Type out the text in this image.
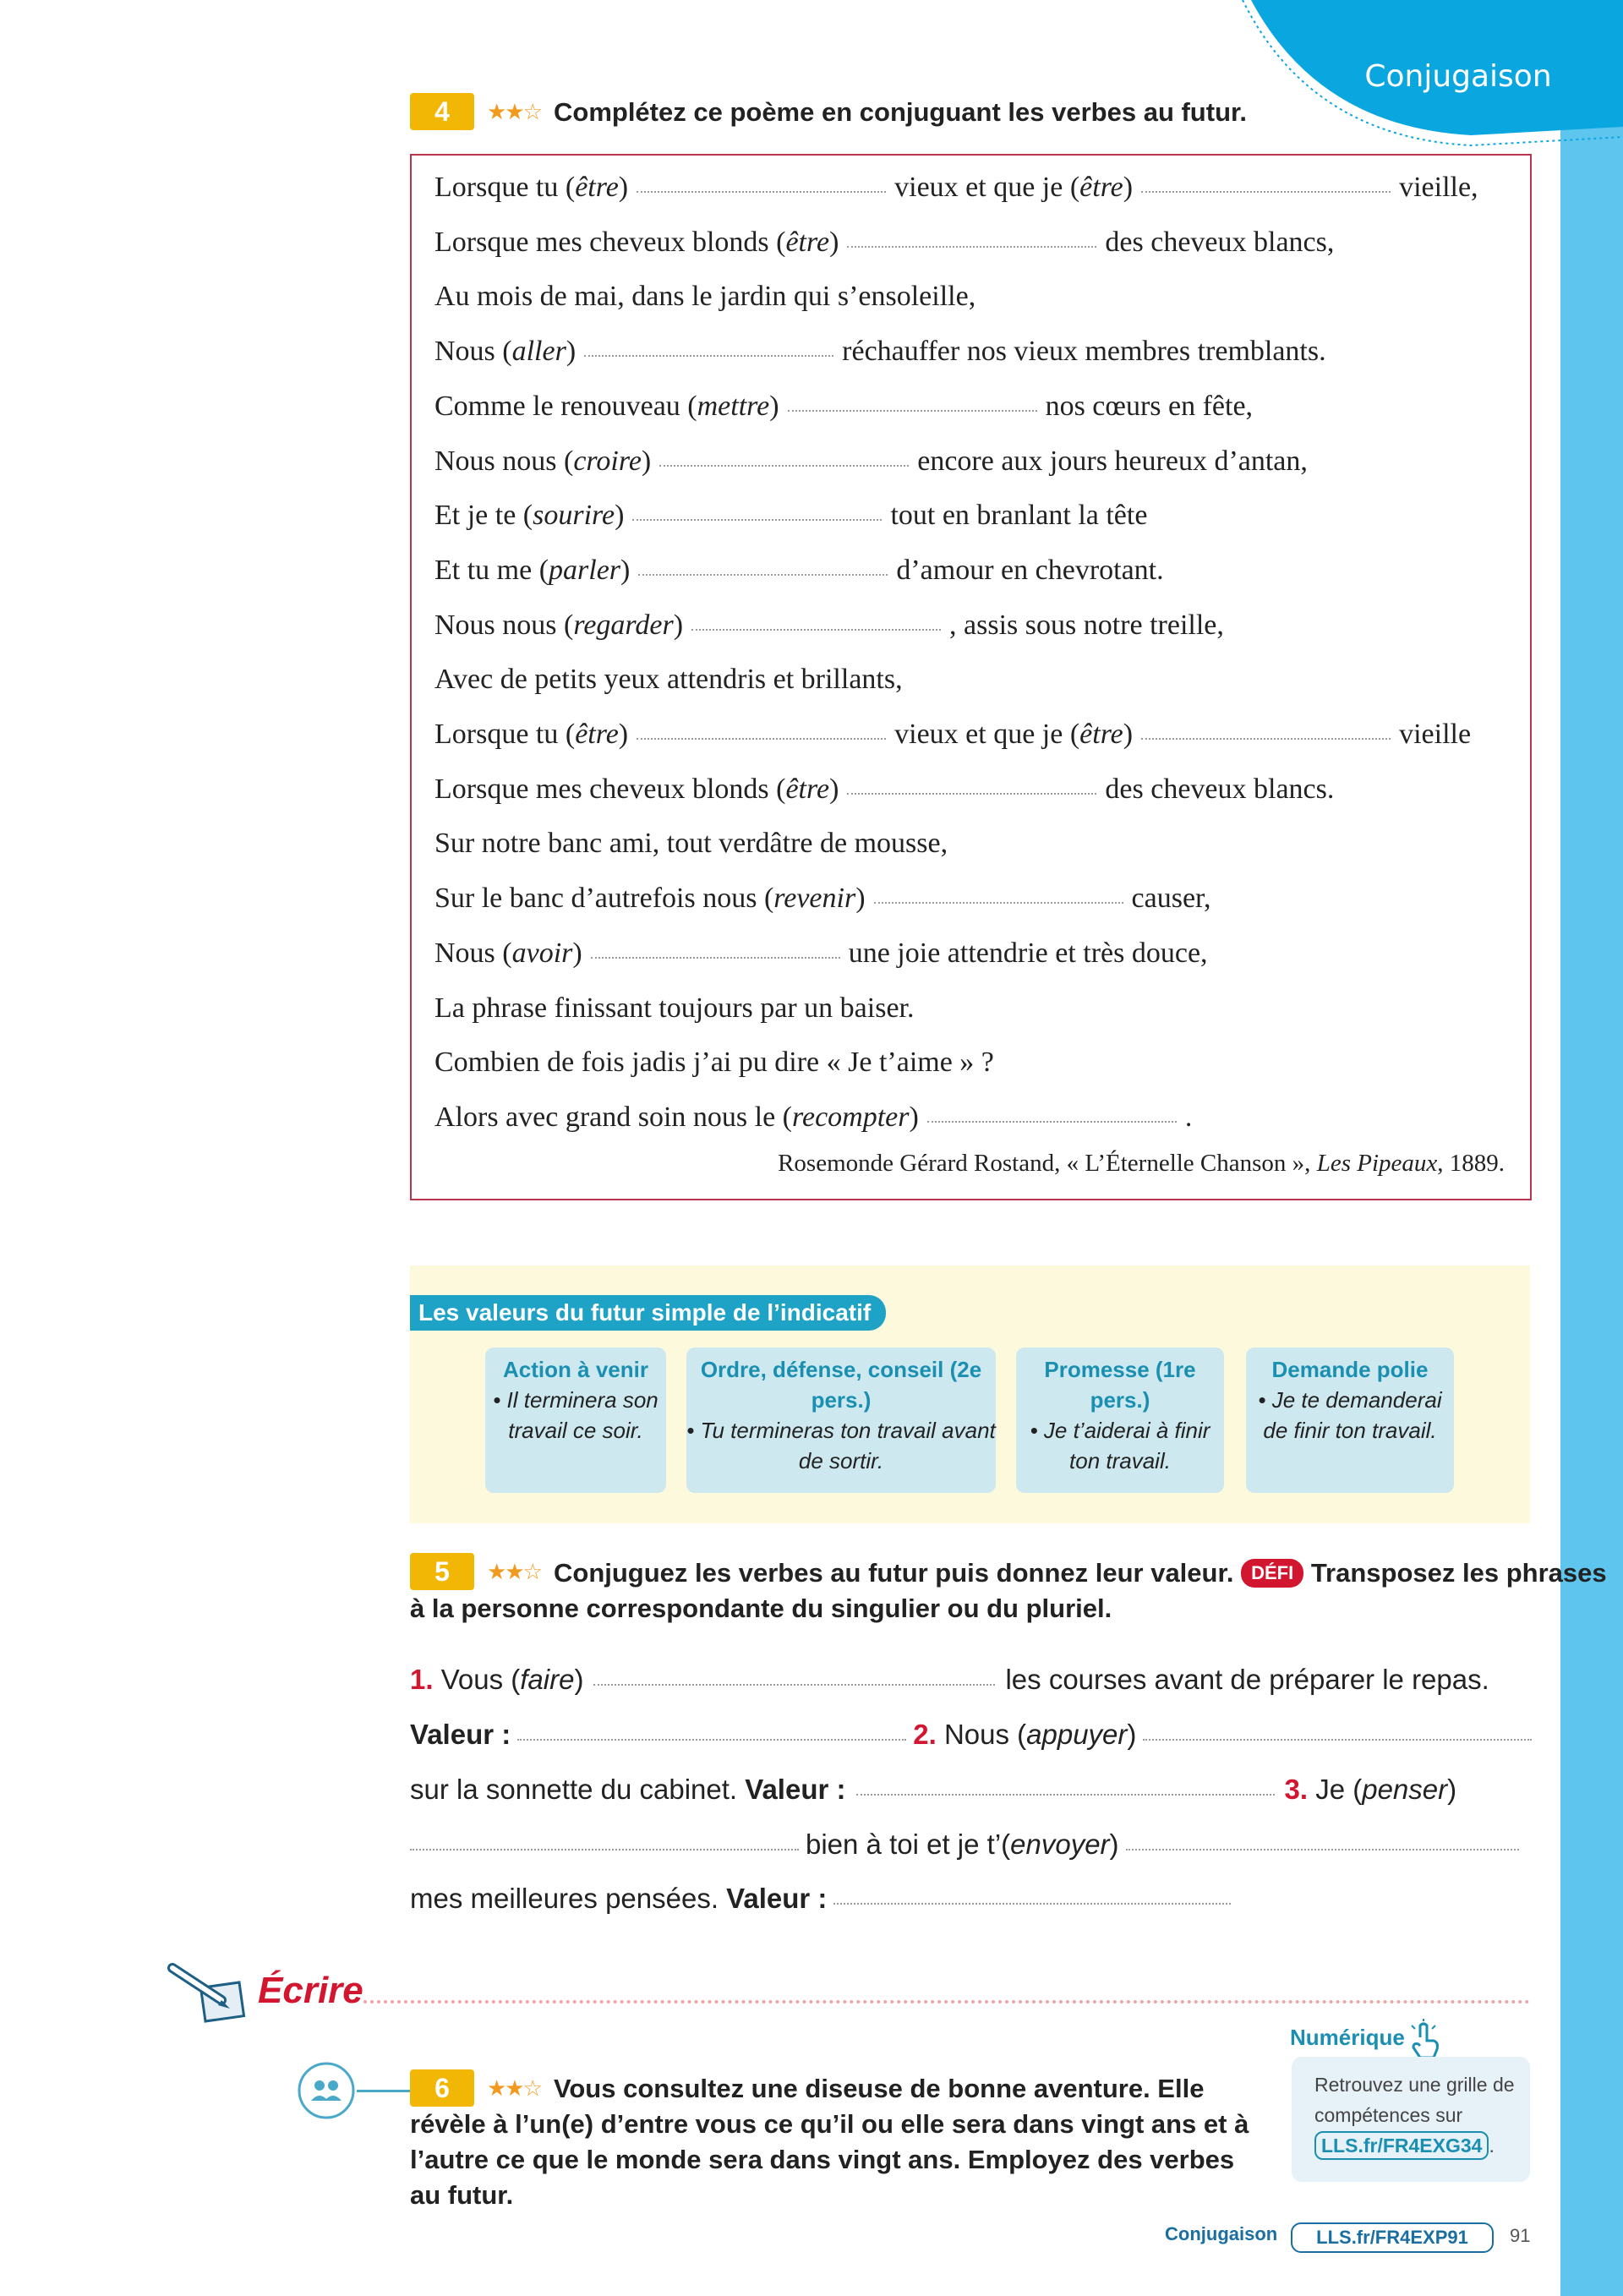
Conjugaison
4	★★☆ Complétez ce poème en conjuguant les verbes au futur.
Lorsque tu (être)	vieux et que je (être)	vieille,
Lorsque mes cheveux blonds (être)	des cheveux blancs,
Au mois de mai, dans le jardin qui s’ensoleille,
Nous (aller)	réchauffer nos vieux membres tremblants.
Comme le renouveau (mettre)	nos cœurs en fête,
Nous nous (croire)	encore aux jours heureux d’antan,
Et je te (sourire)	tout en branlant la tête
Et tu me (parler)	d’amour en chevrotant.
Nous nous (regarder)	, assis sous notre treille,
Avec de petits yeux attendris et brillants,
Lorsque tu (être)	vieux et que je (être)	vieille
Lorsque mes cheveux blonds (être)	des cheveux blancs.
Sur notre banc ami, tout verdâtre de mousse,
Sur le banc d’autrefois nous (revenir)	causer,
Nous (avoir)	une joie attendrie et très douce,
La phrase finissant toujours par un baiser.
Combien de fois jadis j’ai pu dire « Je t’aime » ?
Alors avec grand soin nous le (recompter)	.
Rosemonde Gérard Rostand, « L’Éternelle Chanson », Les Pipeaux, 1889.
Les valeurs du futur simple de l’indicatif
Action à venir
• Il terminera son travail ce soir.
Ordre, défense, conseil (2e pers.)
• Tu termineras ton travail avant de sortir.
Promesse (1re pers.)
• Je t’aiderai à finir ton travail.
Demande polie
• Je te demanderai de finir ton travail.
5	★★☆ Conjuguez les verbes au futur puis donnez leur valeur. DÉFI Transposez les phrases
à la personne correspondante du singulier ou du pluriel.
1. Vous (faire)	les courses avant de préparer le repas.
Valeur :	2. Nous (appuyer)
sur la sonnette du cabinet. Valeur :	3. Je (penser)
bien à toi et je t’(envoyer)
mes meilleures pensées. Valeur :
Écrire
6	★★☆ Vous consultez une diseuse de bonne aventure. Elle révèle à l’un(e) d’entre vous ce qu’il ou elle sera dans vingt ans et à l’autre ce que le monde sera dans vingt ans. Employez des verbes au futur.
Numérique
Retrouvez une grille de compétences sur LLS.fr/FR4EXG34 .
Conjugaison	LLS.fr/FR4EXP91	91
